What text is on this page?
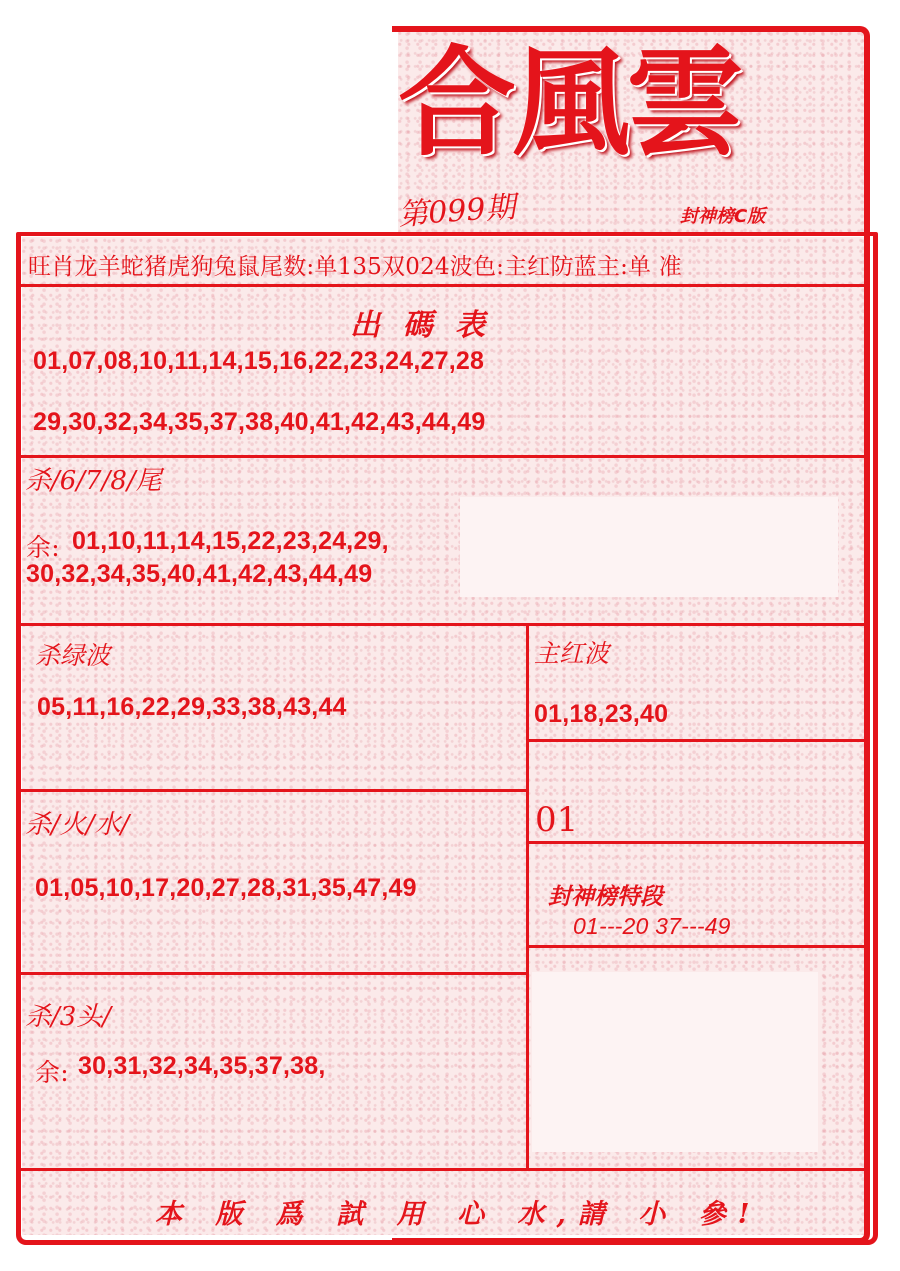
合風雲
第099期	封神榜C版
旺肖龙羊蛇猪虎狗兔鼠尾数:单135双024波色:主红防蓝主:单 准
出 碼 表
01,07,08,10,11,14,15,16,22,23,24,27,28
29,30,32,34,35,37,38,40,41,42,43,44,49
杀/6/7/8/尾
余: 01,10,11,14,15,22,23,24,29,
30,32,34,35,40,41,42,43,44,49
杀绿波
05,11,16,22,29,33,38,43,44
主红波
01,18,23,40
01
杀/火/水/
01,05,10,17,20,27,28,31,35,47,49	封神榜特段
01---20 37---49
杀/3头/
余: 30,31,32,34,35,37,38,
本 版 爲 試 用 心 水,請 小 參!
